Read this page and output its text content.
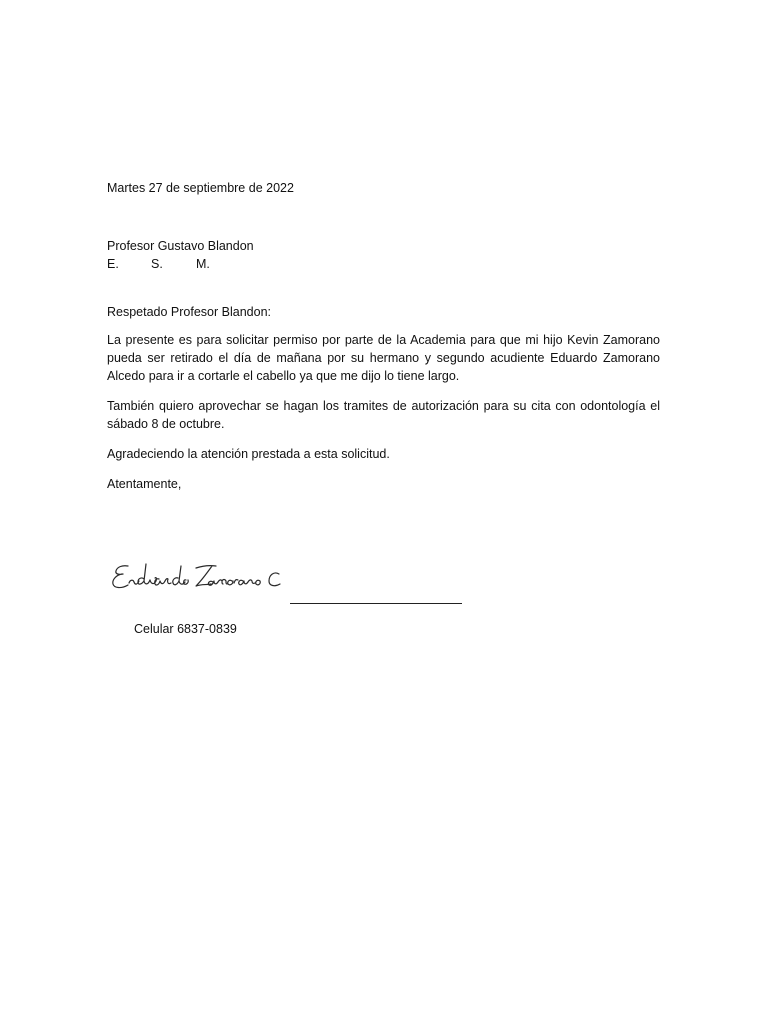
Martes 27 de septiembre de 2022
Profesor Gustavo Blandon
E.	S.	M.
Respetado Profesor Blandon:
La presente es para solicitar permiso por parte de la Academia para que mi hijo Kevin Zamorano pueda ser retirado el día de mañana por su hermano y segundo acudiente Eduardo Zamorano Alcedo para ir a cortarle el cabello ya que me dijo lo tiene largo.
También quiero aprovechar se hagan los tramites de autorización para su cita con odontología el sábado 8 de octubre.
Agradeciendo la atención prestada a esta solicitud.
Atentamente,
Celular 6837-0839
